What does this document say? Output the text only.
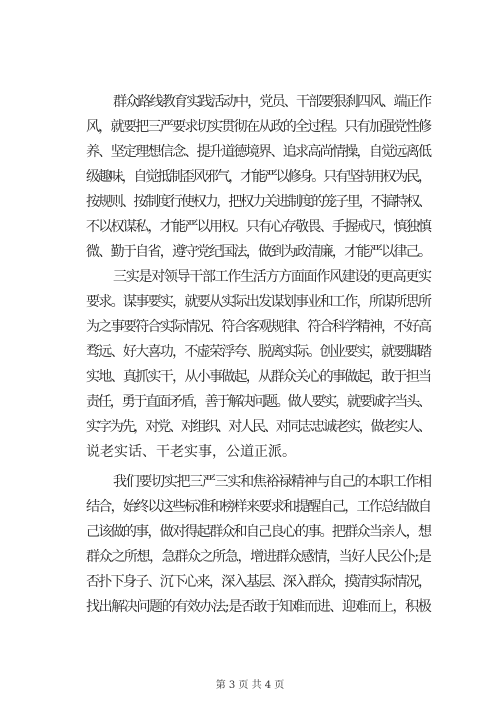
群众路线教育实践活动中，党员、干部要狠刹四风、端正作
风，就要把三严要求切实贯彻在从政的全过程。只有加强党性修
养、坚定理想信念、提升道德境界、追求高尚情操，自觉远离低
级趣味，自觉抵制歪风邪气，才能严以修身。只有坚持用权为民，
按规则、按制度行使权力，把权力关进制度的笼子里，不搞特权、
不以权谋私，才能严以用权。只有心存敬畏、手握戒尺，慎独慎
微、勤于自省，遵守党纪国法，做到为政清廉，才能严以律己。
三实是对领导干部工作生活方方面面作风建设的更高更实
要求。谋事要实，就要从实际出发谋划事业和工作，所谋所思所
为之事要符合实际情况、符合客观规律、符合科学精神，不好高
骛远、好大喜功，不虚荣浮夸、脱离实际。创业要实，就要脚踏
实地、真抓实干，从小事做起，从群众关心的事做起，敢于担当
责任，勇于直面矛盾，善于解决问题。做人要实，就要诚字当头、
实字为先，对党、对组织、对人民、对同志忠诚老实，做老实人、
说老实话、干老实事，公道正派。
我们要切实把三严三实和焦裕禄精神与自己的本职工作相
结合，始终以这些标准和榜样来要求和提醒自己，工作总结做自
己该做的事，做对得起群众和自己良心的事。把群众当亲人，想
群众之所想，急群众之所急，增进群众感情，当好人民公仆;是
否扑下身子、沉下心来，深入基层、深入群众，摸清实际情况，
找出解决问题的有效办法;是否敢于知难而进、迎难而上，积极
第 3 页 共 4 页
